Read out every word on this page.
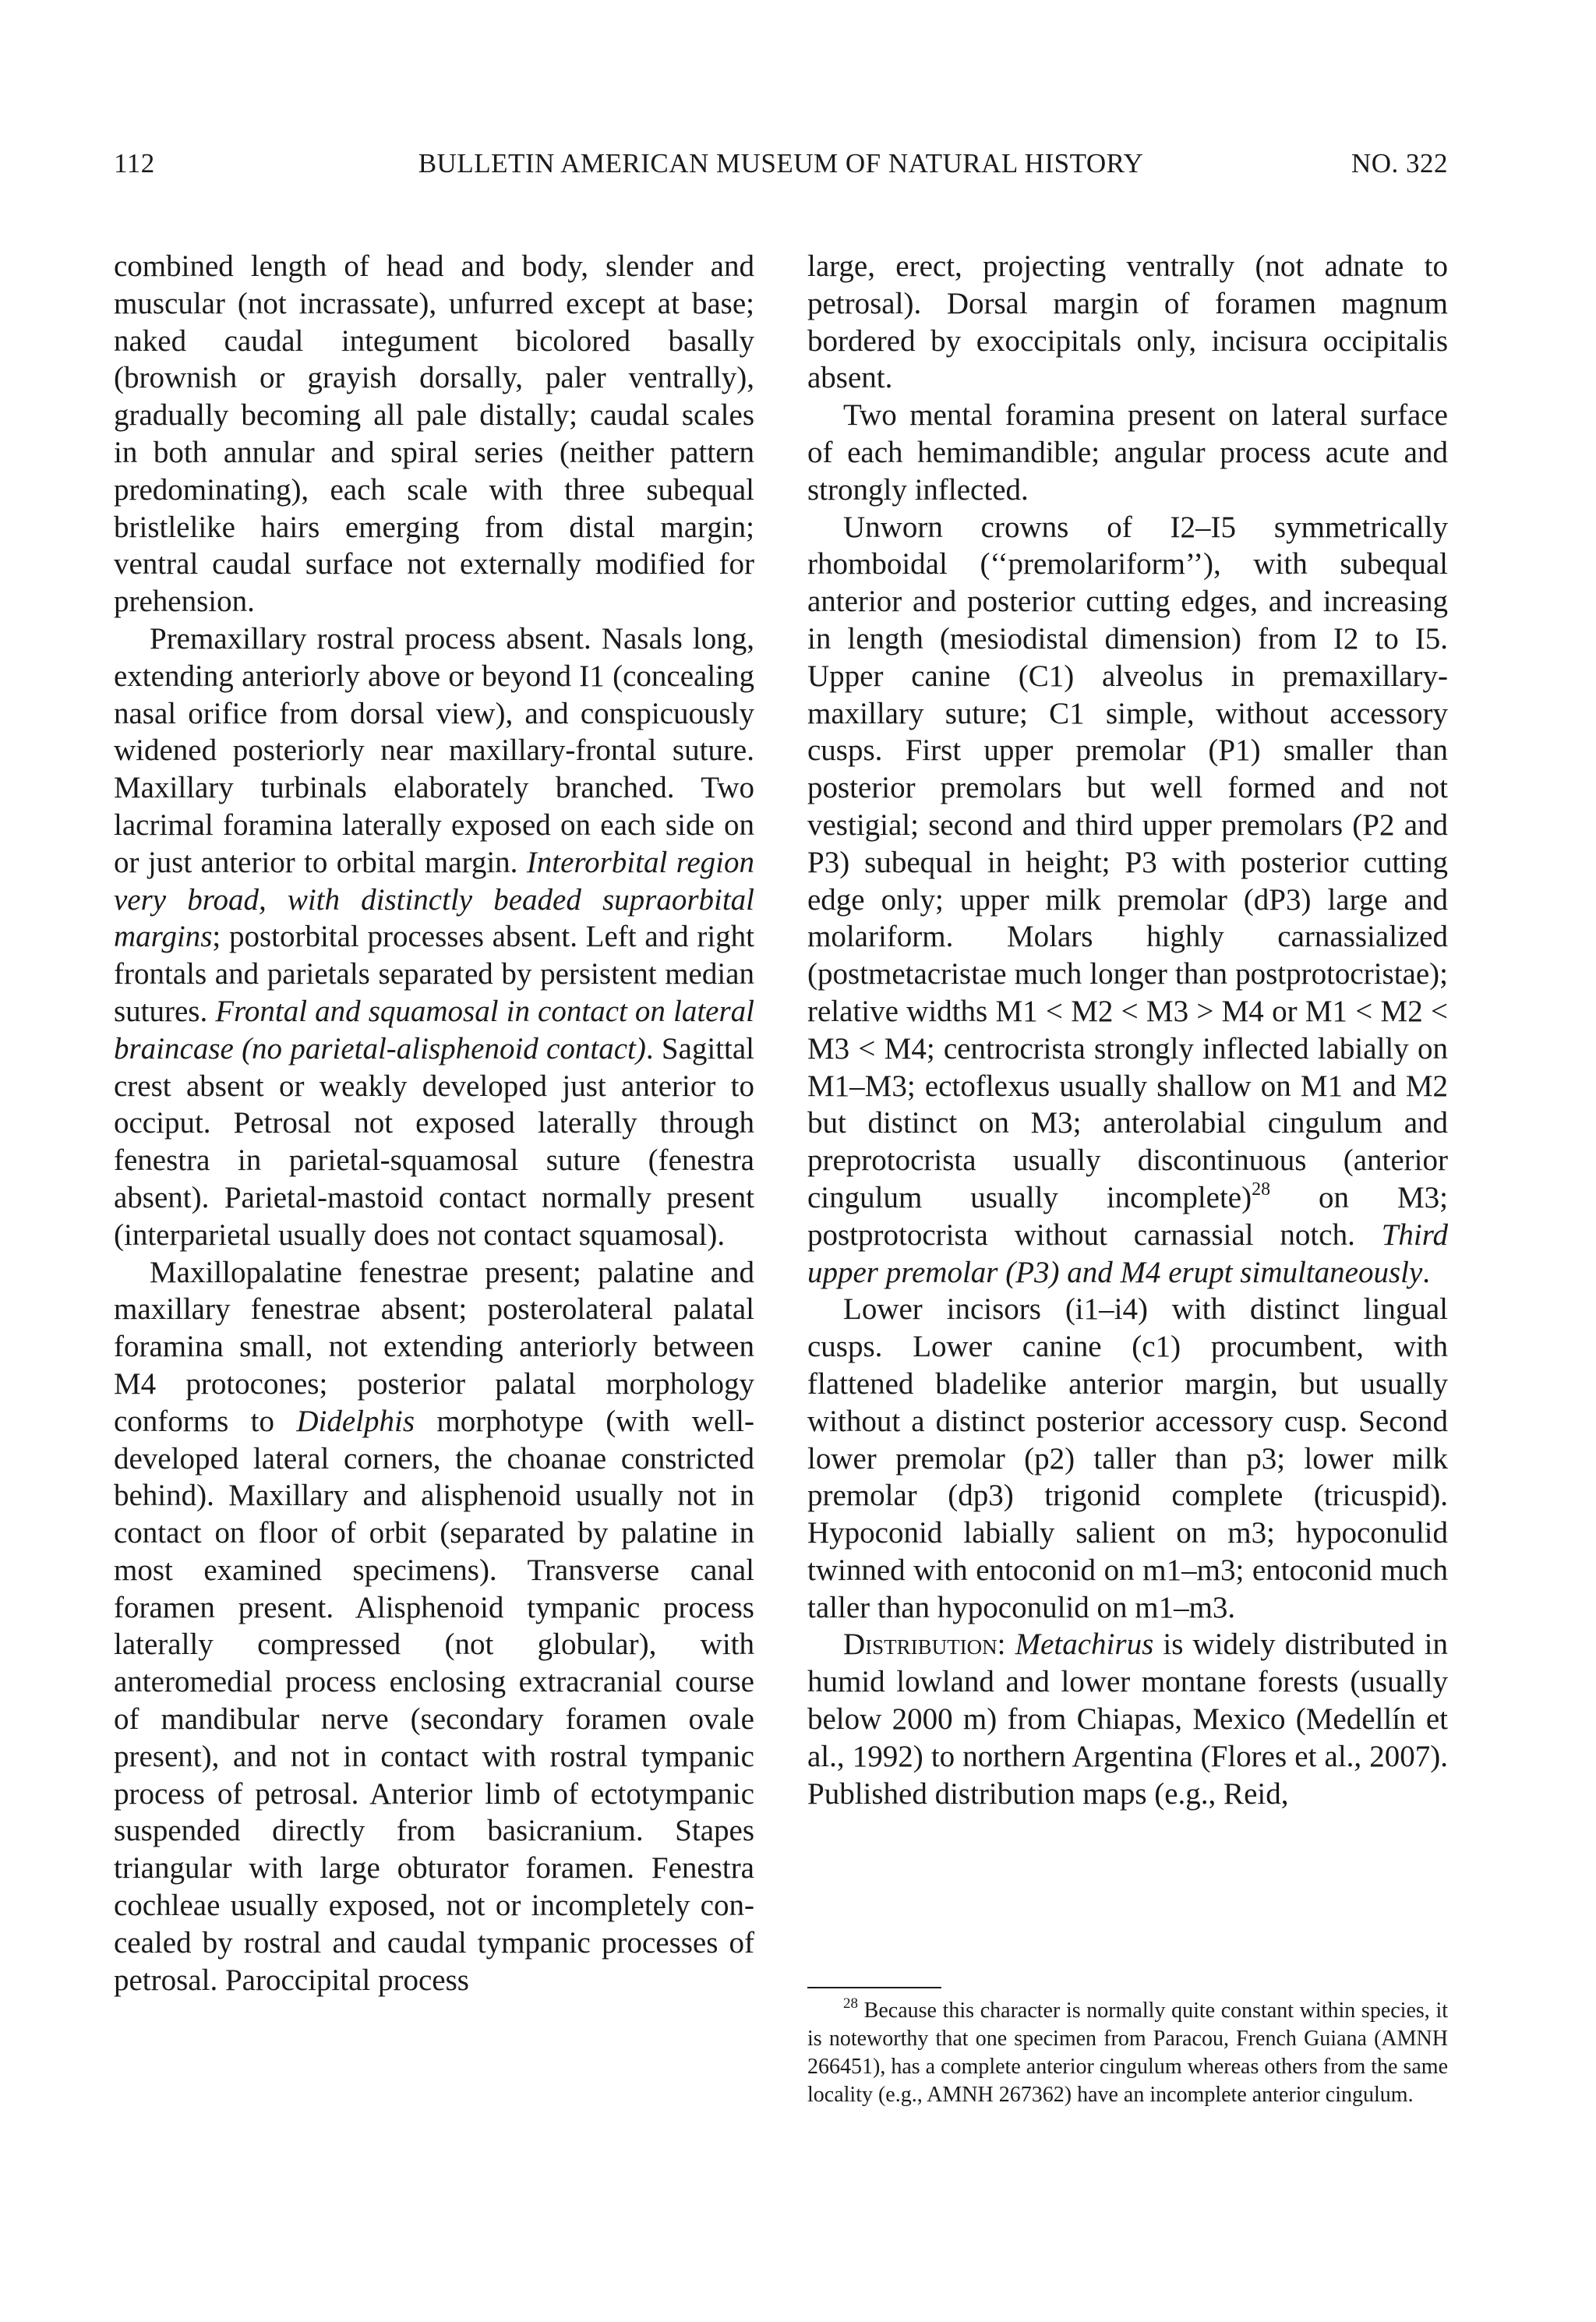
112	BULLETIN AMERICAN MUSEUM OF NATURAL HISTORY	NO. 322

combined length of head and body, slender and muscular (not incrassate), unfurred except at base; naked caudal integument bicolored basally (brownish or grayish dorsally, paler ventrally), gradually becoming all pale distally; caudal scales in both annular and spiral series (neither pattern predominating), each scale with three subequal bristlelike hairs emerging from distal margin; ventral caudal surface not externally modified for prehension.

Premaxillary rostral process absent. Nasals long, extending anteriorly above or beyond I1 (concealing nasal orifice from dorsal view), and conspicuously widened posteriorly near maxillary-frontal suture. Maxillary turbinals elaborately branched. Two lacrimal foramina laterally exposed on each side on or just anterior to orbital margin. Interorbital region very broad, with distinctly beaded supraorbital margins; postorbital processes absent. Left and right frontals and parietals separated by persistent median sutures. Frontal and squamosal in contact on lateral braincase (no parietal-alisphenoid contact). Sagittal crest absent or weakly developed just anterior to occiput. Petrosal not exposed laterally through fenestra in parietal-squamosal suture (fenestra absent). Parietal-mastoid contact normally present (interparietal usually does not contact squamosal).

Maxillopalatine fenestrae present; palatine and maxillary fenestrae absent; posterolateral palatal foramina small, not extending anteriorly between M4 protocones; posterior palatal morphology conforms to Didelphis morphotype (with well-developed lateral corners, the choanae constricted behind). Maxillary and alisphenoid usually not in contact on floor of orbit (separated by palatine in most examined specimens). Transverse canal foramen present. Alisphenoid tympanic process laterally compressed (not globular), with anteromedial process enclosing extracranial course of mandibular nerve (secondary foramen ovale present), and not in contact with rostral tympanic process of petrosal. Anterior limb of ectotympanic suspended directly from basicranium. Stapes triangular with large obturator foramen. Fenestra cochleae usually exposed, not or incompletely concealed by rostral and caudal tympanic processes of petrosal. Paroccipital process

large, erect, projecting ventrally (not adnate to petrosal). Dorsal margin of foramen magnum bordered by exoccipitals only, incisura occipitalis absent.

Two mental foramina present on lateral surface of each hemimandible; angular process acute and strongly inflected.

Unworn crowns of I2–I5 symmetrically rhomboidal (‘‘premolariform’’), with subequal anterior and posterior cutting edges, and increasing in length (mesiodistal dimension) from I2 to I5. Upper canine (C1) alveolus in premaxillary-maxillary suture; C1 simple, without accessory cusps. First upper premolar (P1) smaller than posterior premolars but well formed and not vestigial; second and third upper premolars (P2 and P3) subequal in height; P3 with posterior cutting edge only; upper milk premolar (dP3) large and molariform. Molars highly carnassialized (postmetacristae much longer than postprotocristae); relative widths M1 < M2 < M3 > M4 or M1 < M2 < M3 < M4; centrocrista strongly inflected labially on M1–M3; ectoflexus usually shallow on M1 and M2 but distinct on M3; anterolabial cingulum and preprotocrista usually discontinuous (anterior cingulum usually incomplete)$^{28}$ on M3; postprotocrista without carnassial notch. Third upper premolar (P3) and M4 erupt simultaneously.

Lower incisors (i1–i4) with distinct lingual cusps. Lower canine (c1) procumbent, with flattened bladelike anterior margin, but usually without a distinct posterior accessory cusp. Second lower premolar (p2) taller than p3; lower milk premolar (dp3) trigonid complete (tricuspid). Hypoconid labially salient on m3; hypoconulid twinned with entoconid on m1–m3; entoconid much taller than hypoconulid on m1–m3.

Distribution: Metachirus is widely distributed in humid lowland and lower montane forests (usually below 2000 m) from Chiapas, Mexico (Medellín et al., 1992) to northern Argentina (Flores et al., 2007). Published distribution maps (e.g., Reid,

$^{28}$ Because this character is normally quite constant within species, it is noteworthy that one specimen from Paracou, French Guiana (AMNH 266451), has a complete anterior cingulum whereas others from the same locality (e.g., AMNH 267362) have an incomplete anterior cingulum.
